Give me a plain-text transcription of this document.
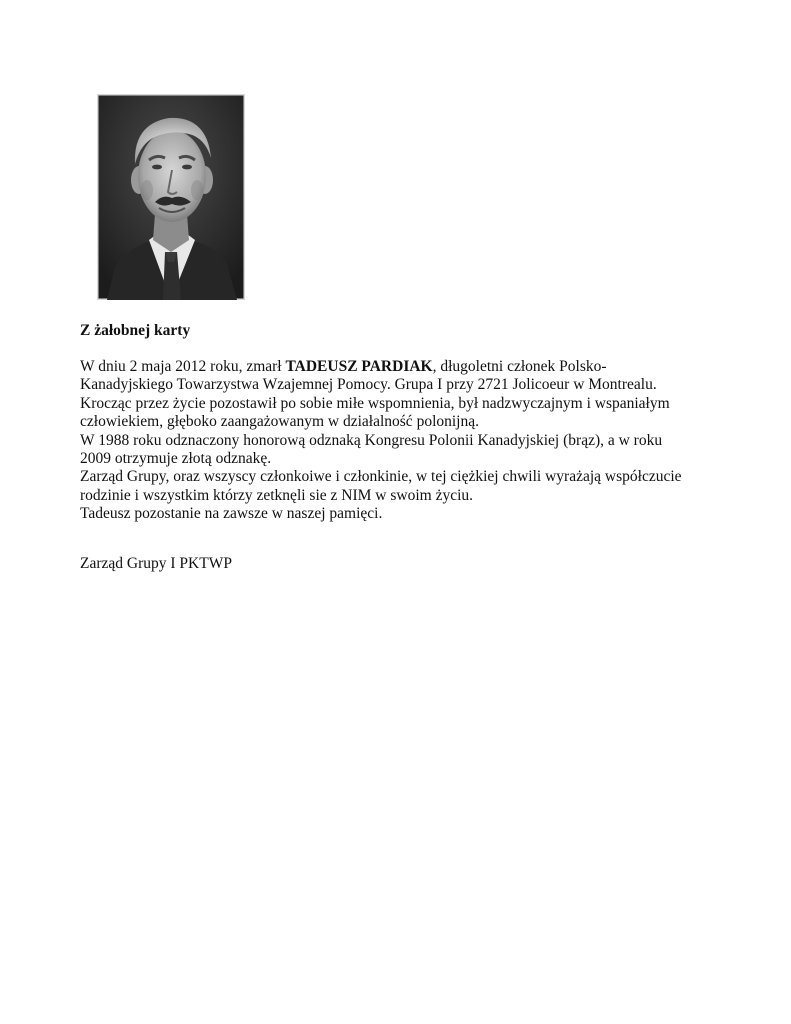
Z żałobnej karty
W dniu 2 maja 2012 roku, zmarł TADEUSZ PARDIAK, długoletni członek Polsko-
Kanadyjskiego Towarzystwa Wzajemnej Pomocy. Grupa I przy 2721 Jolicoeur w Montrealu.
Krocząc przez życie pozostawił po sobie miłe wspomnienia, był nadzwyczajnym i wspaniałym
człowiekiem, głęboko zaangażowanym w działalność polonijną.
W 1988 roku odznaczony honorową odznaką Kongresu Polonii Kanadyjskiej (brąz), a w roku
2009 otrzymuje złotą odznakę.
Zarząd Grupy, oraz wszyscy członkoiwe i członkinie, w tej ciężkiej chwili wyrażają współczucie
rodzinie i wszystkim którzy zetknęli sie z NIM w swoim życiu.
Tadeusz pozostanie na zawsze w naszej pamięci.
Zarząd Grupy I PKTWP
